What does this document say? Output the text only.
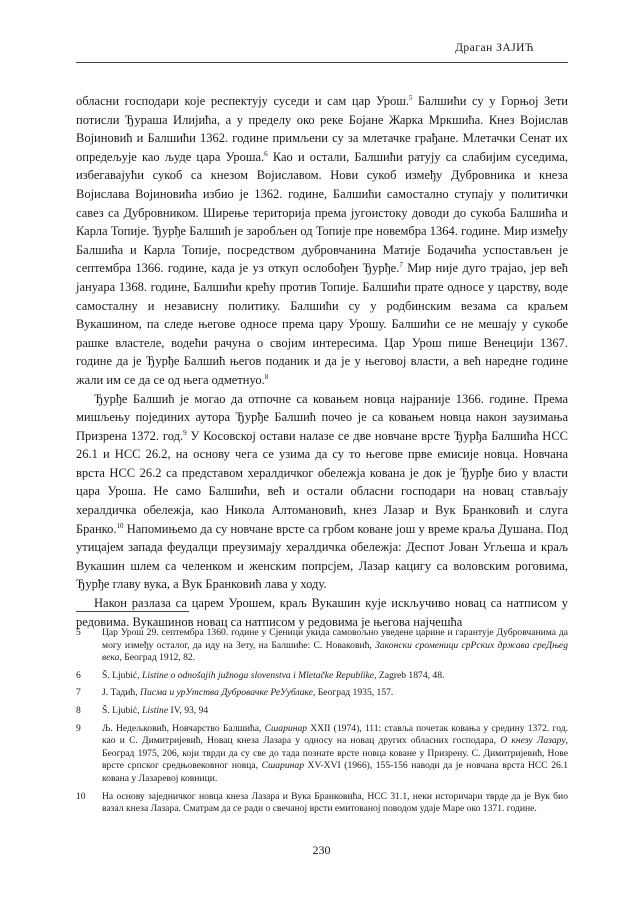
Драган ЗАЈИЋ

обласни господари које респектују суседи и сам цар Урош.$^5$ Балшићи су у Горњој Зети потисли Ђураша Илијића, а у пределу око реке Бојане Жарка Мркшића. Кнез Војислав Војиновић и Балшићи 1362. године примљени су за млетачке грађане. Млетачки Сенат их опредељује као људе цара Уроша.$^6$ Као и остали, Балшићи ратују са слабијим суседима, избегавајући сукоб са кнезом Војиславом. Нови сукоб између Дубровника и кнеза Војислава Војиновића избио је 1362. године, Балшићи самостално ступају у политички савез са Дубровником. Ширење територија према југоистоку доводи до сукоба Балшића и Карла Топије. Ђурђе Балшић је заробљен од Топије пре новембра 1364. године. Мир између Балшића и Карла Топије, посредством дубровчанина Матије Бодачића успостављен је септембра 1366. године, када је уз откуп ослобођен Ђурђе.$^7$ Мир није дуго трајао, јер већ јануара 1368. године, Балшићи крећу против Топије. Балшићи прате односе у царству, воде самосталну и независну политику. Балшићи су у родбинским везама са краљем Вукашином, па следе његове односе према цару Урошу. Балшићи се не мешају у сукобе рашке властеле, водећи рачуна о својим интересима. Цар Урош пише Венецији 1367. године да је Ђурђе Балшић његов поданик и да је у његовој власти, а већ наредне године жали им се да се од њега одметнуо.$^8$

Ђурђе Балшић је могао да отпочне са ковањем новца најраније 1366. године. Према мишљењу појединих аутора Ђурђе Балшић почео је са ковањем новца након заузимања Призрена 1372. год.$^9$ У Косовској остави налазе се две новчане врсте Ђурђа Балшића НСС 26.1 и НСС 26.2, на основу чега се узима да су то његове прве емисије новца. Новчана врста НСС 26.2 са представом хералдичког обележја кована је док је Ђурђе био у власти цара Уроша. Не само Балшићи, већ и остали обласни господари на новац стављају хералдичка обележја, као Никола Алтомановић, кнез Лазар и Вук Бранковић и слуга Бранко.$^{10}$ Напомињемо да су новчане врсте са грбом коване још у време краља Душана. Под утицајем запада феудалци преузимају хералдичка обележја: Деспот Јован Угљеша и краљ Вукашин шлем са челенком и женским попрсјем, Лазар кацигу са воловским роговима, Ђурђе главу вука, а Вук Бранковић лава у ходу.

Након разлаза са царем Урошем, краљ Вукашин кује искључиво новац са натписом у редовима. Вукашинов новац са натписом у редовима је његова најчешћа

5	Цар Урош 29. септембра 1360. године у Сјеници укида самовољно уведене царине и гарантује Дубровчанима да могу између осталог, да иду на Зету, на Балшиће: С. Новаковић, Законски сроменици срРских држава среДњеg века, Београд 1912, 82.
6	Š. Ljubić, Listine o odnošajih južnoga slovenstva i Mletačke Republike, Zagreb 1874, 48.
7	Ј. Тадић, Писма и урУтства Дубровачке РеУублике, Београд 1935, 157.
8	Š. Ljubić, Listine IV, 93, 94
9	Љ. Недељковић, Новчарство Балшића, Сшаринар XXII (1974), 111: ставља почетак ковања у средину 1372. год. као и С. Димитријевић, Новац кнеза Лазара у односу на новац других обласних господара, О кнезу Лазару, Београд 1975, 206, који тврди да су све до тада познате врсте новца коване у Призрену. С. Димитријевић, Нове врсте српског средњовековног новца, Сшаринар XV-XVI (1966), 155-156 наводи да је новчана врста НСС 26.1 кована у Лазаревој ковници.
10	На основу заједничког новца кнеза Лазара и Вука Бранковића, НСС 31.1, неки историчари тврде да је Вук био вазал кнеза Лазара. Сматрам да се ради о свечаној врсти емитованој поводом удаје Маре око 1371. године.
230
